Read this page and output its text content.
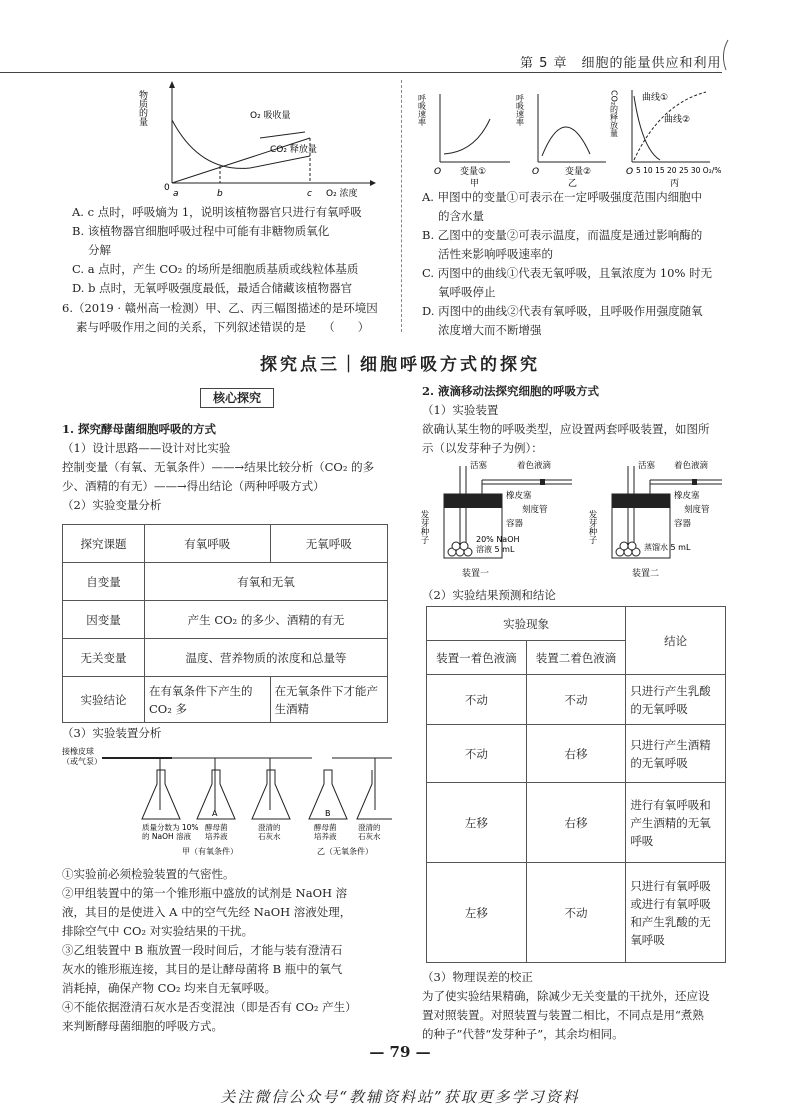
第 5 章　细胞的能量供应和利用
物质的量	O₂ 吸收量
CO₂ 释放量
O₂ 浓度
0
a	b	c
A. c 点时，呼吸熵为 1，说明该植物器官只进行有氧呼吸
B. 该植物器官细胞呼吸过程中可能有非糖物质氧化
分解
C. a 点时，产生 CO₂ 的场所是细胞质基质或线粒体基质
D. b 点时，无氧呼吸强度最低，最适合储藏该植物器官
6.（2019 · 赣州高一检测）甲、乙、丙三幅图描述的是环境因
素与呼吸作用之间的关系，下列叙述错误的是　　（　　）
呼吸速率
变量①
O
甲
呼吸速率
变量②
O
乙
CO₂的释放量	曲线①
曲线②
O 5 10 15 20 25 30 O₂/%
丙
A. 甲图中的变量①可表示在一定呼吸强度范围内细胞中
的含水量
B. 乙图中的变量②可表示温度，而温度是通过影响酶的
活性来影响呼吸速率的
C. 丙图中的曲线①代表无氧呼吸，且氧浓度为 10% 时无
氧呼吸停止
D. 丙图中的曲线②代表有氧呼吸，且呼吸作用强度随氧
浓度增大而不断增强
探究点三｜细胞呼吸方式的探究
核心探究
1. 探究酵母菌细胞呼吸的方式
（1）设计思路——设计对比实验
控制变量（有氧、无氧条件）——→结果比较分析（CO₂ 的多
少、酒精的有无）——→得出结论（两种呼吸方式）
（2）实验变量分析
探究课题	有氧呼吸	无氧呼吸
自变量	有氧和无氧	
因变量	产生 CO₂ 的多少、酒精的有无	
无关变量	温度、营养物质的浓度和总量等	
实验结论	在有氧条件下产生的 CO₂ 多	在无氧条件下才能产生酒精
（3）实验装置分析
接橡皮球
（或气泵）
A	B
质量分数为 10%
的 NaOH 溶液
酵母菌
培养液
澄清的
石灰水
酵母菌
培养液
澄清的
石灰水
甲（有氧条件）	乙（无氧条件）
①实验前必须检验装置的气密性。
②甲组装置中的第一个锥形瓶中盛放的试剂是 NaOH 溶
液，其目的是使进入 A 中的空气先经 NaOH 溶液处理，
排除空气中 CO₂ 对实验结果的干扰。
③乙组装置中 B 瓶放置一段时间后，才能与装有澄清石
灰水的锥形瓶连接，其目的是让酵母菌将 B 瓶中的氧气
消耗掉，确保产物 CO₂ 均来自无氧呼吸。
④不能依据澄清石灰水是否变混浊（即是否有 CO₂ 产生）
来判断酵母菌细胞的呼吸方式。
2. 液滴移动法探究细胞的呼吸方式
（1）实验装置
欲确认某生物的呼吸类型，应设置两套呼吸装置，如图所
示（以发芽种子为例）：
活塞	着色液滴
橡皮塞
刻度管
容器
发芽种子	20% NaOH
溶液 5 mL
装置一
活塞 着色液滴
橡皮塞
刻度管
容器
发芽种子
蒸馏水 5 mL
装置二
（2）实验结果预测和结论
实验现象		结论
装置一着色液滴	装置二着色液滴	
不动	不动	只进行产生乳酸的无氧呼吸
不动	右移	只进行产生酒精的无氧呼吸
左移	右移	进行有氧呼吸和产生酒精的无氧呼吸
左移	不动	只进行有氧呼吸或进行有氧呼吸和产生乳酸的无氧呼吸
（3）物理误差的校正
为了使实验结果精确，除减少无关变量的干扰外，还应设
置对照装置。对照装置与装置二相比，不同点是用“煮熟
的种子”代替“发芽种子”，其余均相同。
— 79 —
关注微信公众号“教辅资料站”获取更多学习资料
